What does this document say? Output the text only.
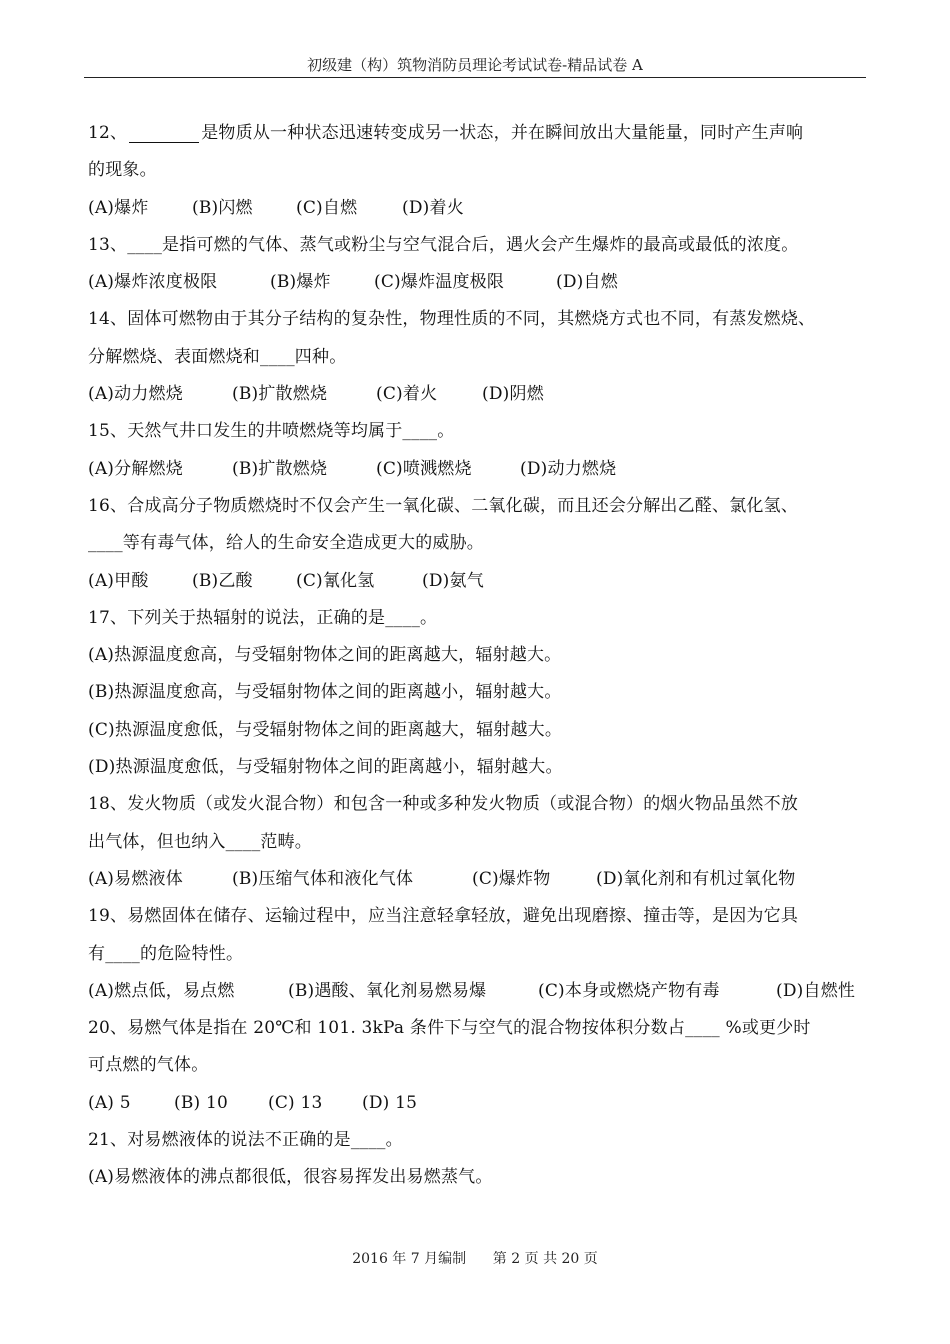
初级建（构）筑物消防员理论考试试卷-精品试卷 A
12、	是物质从一种状态迅速转变成另一状态，并在瞬间放出大量能量，同时产生声响
的现象。
(A)爆炸	(B)闪燃	(C)自燃	(D)着火
13、____是指可燃的气体、蒸气或粉尘与空气混合后，遇火会产生爆炸的最高或最低的浓度。
(A)爆炸浓度极限	(B)爆炸	(C)爆炸温度极限	(D)自燃
14、固体可燃物由于其分子结构的复杂性，物理性质的不同，其燃烧方式也不同，有蒸发燃烧、
分解燃烧、表面燃烧和____四种。
(A)动力燃烧	(B)扩散燃烧	(C)着火	(D)阴燃
15、天然气井口发生的井喷燃烧等均属于____。
(A)分解燃烧	(B)扩散燃烧	(C)喷溅燃烧	(D)动力燃烧
16、合成高分子物质燃烧时不仅会产生一氧化碳、二氧化碳，而且还会分解出乙醛、氯化氢、
____等有毒气体，给人的生命安全造成更大的威胁。
(A)甲酸	(B)乙酸	(C)氰化氢	(D)氨气
17、下列关于热辐射的说法，正确的是____。
(A)热源温度愈高，与受辐射物体之间的距离越大，辐射越大。
(B)热源温度愈高，与受辐射物体之间的距离越小，辐射越大。
(C)热源温度愈低，与受辐射物体之间的距离越大，辐射越大。
(D)热源温度愈低，与受辐射物体之间的距离越小，辐射越大。
18、发火物质（或发火混合物）和包含一种或多种发火物质（或混合物）的烟火物品虽然不放
出气体，但也纳入____范畴。
(A)易燃液体	(B)压缩气体和液化气体	(C)爆炸物	(D)氧化剂和有机过氧化物
19、易燃固体在储存、运输过程中，应当注意轻拿轻放，避免出现磨擦、撞击等，是因为它具
有____的危险特性。
(A)燃点低，易点燃	(B)遇酸、氧化剂易燃易爆	(C)本身或燃烧产物有毒	(D)自燃性
20、易燃气体是指在 20℃和 101. 3kPa 条件下与空气的混合物按体积分数占____ %或更少时
可点燃的气体。
(A) 5	(B) 10	(C) 13	(D) 15
21、对易燃液体的说法不正确的是____。
(A)易燃液体的沸点都很低，很容易挥发出易燃蒸气。
2016 年 7 月编制      第 2 页 共 20 页
